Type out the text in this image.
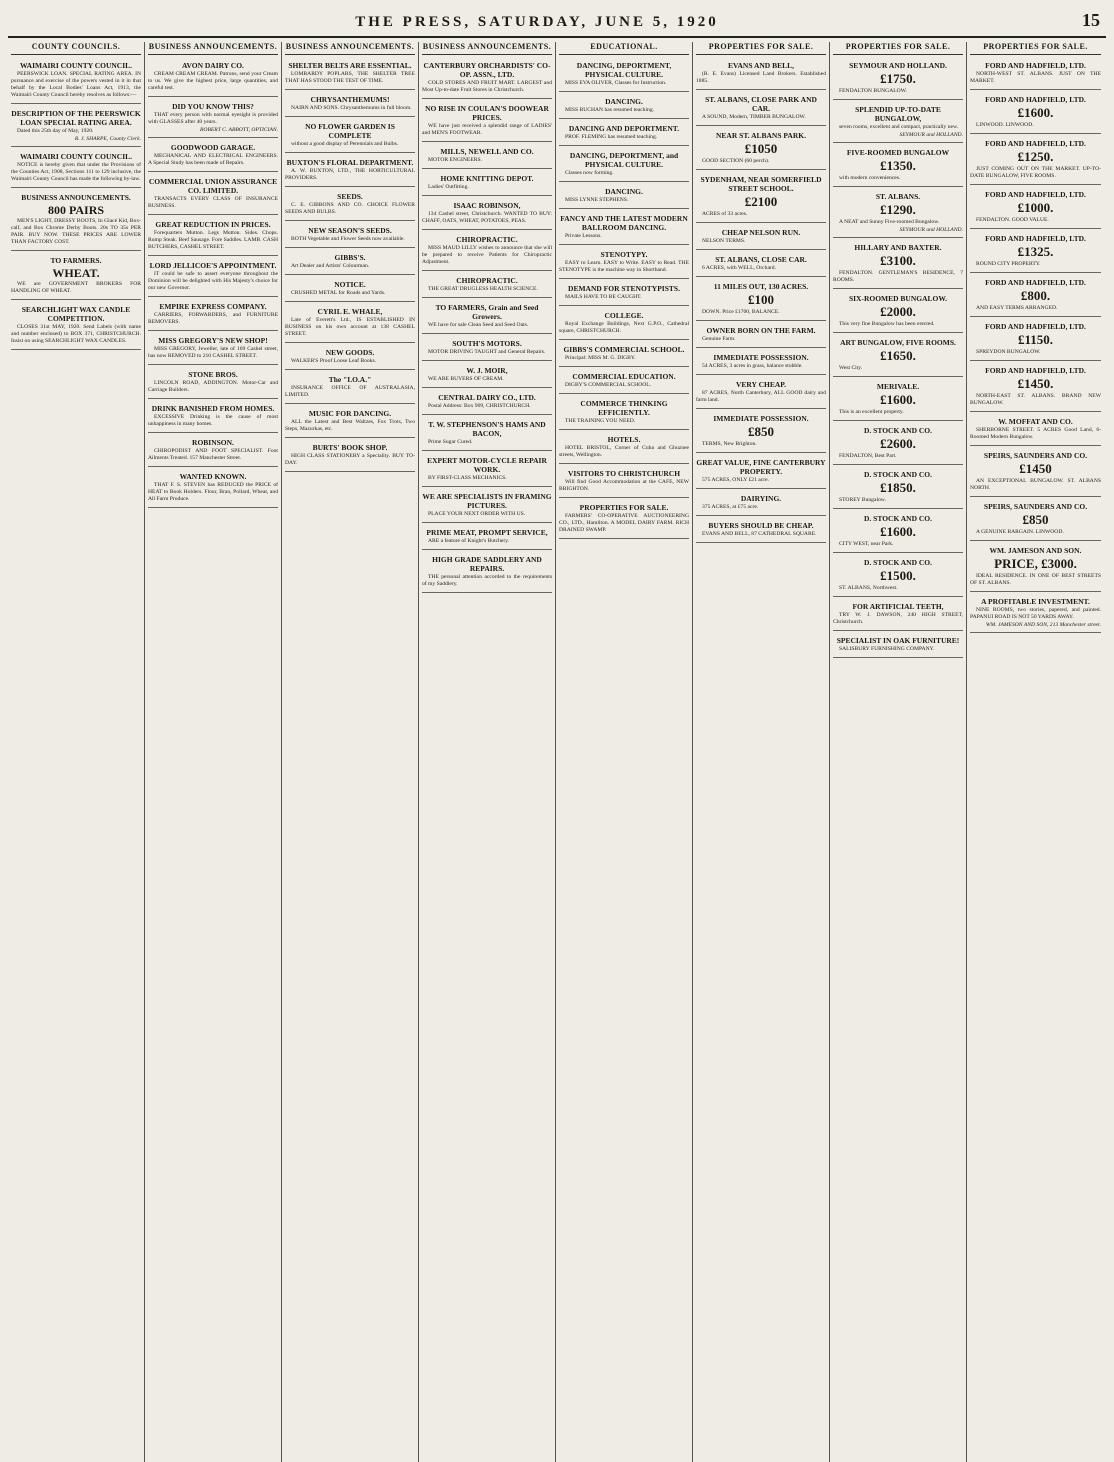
THE PRESS, SATURDAY, JUNE 5, 1920	15
COUNTY COUNCILS.
WAIMAIRI COUNTY COUNCIL.

PEERSWICK LOAN. SPECIAL RATING AREA. IN pursuance and exercise of the powers vested in it in that behalf by the Local Bodies' Loans Act, 1913, the Waimairi County Council hereby resolves as follows:—

DESCRIPTION OF THE PEERSWICK LOAN SPECIAL RATING AREA.

Dated this 25th day of May, 1920.

R. J. SHARPE, County Clerk.
WAIMAIRI COUNTY COUNCIL.

NOTICE is hereby given that under the Provisions of the Counties Act, 1908, Sections 111 to 129 inclusive, the Waimairi County Council has made the following by-law.

BUSINESS ANNOUNCEMENTS.
800 PAIRS

MEN'S LIGHT, DRESSY BOOTS, In Glacé Kid, Box-calf, and Box Chrome Derby Boots. 20s TO 35s PER PAIR. BUY NOW. THESE PRICES ARE LOWER THAN FACTORY COST.

TO FARMERS.
WHEAT.

WE are GOVERNMENT BROKERS FOR HANDLING OF WHEAT.

SEARCHLIGHT WAX CANDLE COMPETITION.

CLOSES 31st MAY, 1920. Send Labels (with name and number enclosed) to BOX 371, CHRISTCHURCH. Insist on using SEARCHLIGHT WAX CANDLES.

BUSINESS ANNOUNCEMENTS.
AVON DAIRY CO.

CREAM CREAM CREAM. Patrons, send your Cream to us. We give the highest price, large quantities, and careful test.

DID YOU KNOW THIS?

THAT every person with normal eyesight is provided with GLASSES after 40 years.

ROBERT C. ABBOTT, OPTICIAN.
GOODWOOD GARAGE.

MECHANICAL AND ELECTRICAL ENGINEERS. A Special Study has been made of Repairs.

COMMERCIAL UNION ASSURANCE CO. LIMITED.

TRANSACTS EVERY CLASS OF INSURANCE BUSINESS.

GREAT REDUCTION IN PRICES.

Forequarters Mutton. Legs Mutton. Sides. Chops. Rump Steak. Beef Sausage. Fore Saddles. LAMB. CASH BUTCHERS, CASHEL STREET.

LORD JELLICOE'S APPOINTMENT.

IT could be safe to assert everyone throughout the Dominion will be delighted with His Majesty's choice for our new Governor.

EMPIRE EXPRESS COMPANY.

CARRIERS, FORWARDERS, and FURNITURE REMOVERS.

MISS GREGORY'S NEW SHOP!

MISS GREGORY, Jeweller, late of 169 Cashel street, has now REMOVED to 210 CASHEL STREET.

STONE BROS.

LINCOLN ROAD, ADDINGTON. Motor-Car and Carriage Builders.

DRINK BANISHED FROM HOMES.

EXCESSIVE Drinking is the cause of most unhappiness in many homes.

ROBINSON.

CHIROPODIST AND FOOT SPECIALIST. Foot Ailments Treated. 157 Manchester Street.

WANTED KNOWN.

THAT F. S. STEVEN has REDUCED the PRICE of HEAT to Book Holders. Flour, Bran, Pollard, Wheat, and All Farm Produce.

BUSINESS ANNOUNCEMENTS.
SHELTER BELTS ARE ESSENTIAL.

LOMBARDY POPLARS, THE SHELTER TREE THAT HAS STOOD THE TEST OF TIME.

CHRYSANTHEMUMS!

NAIRN AND SONS. Chrysanthemums in full bloom.

NO FLOWER GARDEN IS COMPLETE

without a good display of Perennials and Bulbs.

BUXTON'S FLORAL DEPARTMENT.

A. W. BUXTON, LTD., THE HORTICULTURAL PROVIDERS.

SEEDS.

C. E. GIBBONS AND CO. CHOICE FLOWER SEEDS AND BULBS.

NEW SEASON'S SEEDS.

BOTH Vegetable and Flower Seeds now available.

GIBBS'S.

Art Dealer and Artists' Colourman.

NOTICE.

CRUSHED METAL for Roads and Yards.

CYRIL E. WHALE,

Late of Everett's Ltd., IS ESTABLISHED IN BUSINESS on his own account at 138 CASHEL STREET.

NEW GOODS.

WALKER'S Proof Loose Leaf Books.

The "I.O.A."

INSURANCE OFFICE OF AUSTRALASIA, LIMITED.

MUSIC FOR DANCING.

ALL the Latest and Best Waltzes, Fox Trots, Two Steps, Mazurkas, etc.

BURTS' BOOK SHOP.

HIGH CLASS STATIONERY a Speciality. BUY TO-DAY.

BUSINESS ANNOUNCEMENTS.
CANTERBURY ORCHARDISTS' CO-OP. ASSN., LTD.

COLD STORES AND FRUIT MART. LARGEST and Most Up-to-date Fruit Stores in Christchurch.

NO RISE IN COULAN'S DOOWEAR PRICES.

WE have just received a splendid range of LADIES' and MEN'S FOOTWEAR.

MILLS, NEWELL AND CO.

MOTOR ENGINEERS.

HOME KNITTING DEPOT.

Ladies' Outfitting.

ISAAC ROBINSON,

134 Cashel street, Christchurch. WANTED TO BUY: CHAFF, OATS, WHEAT, POTATOES, PEAS.

CHIROPRACTIC.

MISS MAUD LILLY wishes to announce that she will be prepared to receive Patients for Chiropractic Adjustment.

CHIROPRACTIC.

THE GREAT DRUGLESS HEALTH SCIENCE.

TO FARMERS, Grain and Seed Growers.

WE have for sale Clean Seed and Seed Oats.

SOUTH'S MOTORS.

MOTOR DRIVING TAUGHT and General Repairs.

W. J. MOIR,

WE ARE BUYERS OF CREAM.

CENTRAL DAIRY CO., LTD.

Postal Address: Box 909, CHRISTCHURCH.

T. W. STEPHENSON'S HAMS AND BACON,

Prime Sugar Cured.

EXPERT MOTOR-CYCLE REPAIR WORK.

BY FIRST-CLASS MECHANICS.

WE ARE SPECIALISTS IN FRAMING PICTURES.

PLACE YOUR NEXT ORDER WITH US.

PRIME MEAT, PROMPT SERVICE,

ARE a feature of Knight's Butchery.

HIGH GRADE SADDLERY AND REPAIRS.

THE personal attention accorded to the requirements of my Saddlery.

EDUCATIONAL.
DANCING, DEPORTMENT, PHYSICAL CULTURE.

MISS EVA OLIVER, Classes for Instruction.

DANCING.

MISS BUCHAN has resumed teaching.

DANCING AND DEPORTMENT.

PROF. FLEMING has resumed teaching.

DANCING, DEPORTMENT, and PHYSICAL CULTURE.

Classes now forming.

DANCING.

MISS LYNNE STEPHENS.

FANCY AND THE LATEST MODERN BALLROOM DANCING.

Private Lessons.

STENOTYPY.

EASY to Learn. EASY to Write. EASY to Read. THE STENOTYPE is the machine way in Shorthand.

DEMAND FOR STENOTYPISTS.

MAILS HAVE TO BE CAUGHT.

COLLEGE.

Royal Exchange Buildings, Next G.P.O., Cathedral square, CHRISTCHURCH.

GIBBS'S COMMERCIAL SCHOOL.

Principal: MISS M. G. DIGBY.

COMMERCIAL EDUCATION.

DIGBY'S COMMERCIAL SCHOOL.

COMMERCE THINKING EFFICIENTLY.

THE TRAINING YOU NEED.

HOTELS.

HOTEL BRISTOL, Corner of Cuba and Ghuznee streets, Wellington.

VISITORS TO CHRISTCHURCH

Will find Good Accommodation at the CAFE, NEW BRIGHTON.

PROPERTIES FOR SALE.

FARMERS' CO-OPERATIVE AUCTIONEERING CO., LTD., Hamilton. A MODEL DAIRY FARM. RICH DRAINED SWAMP.

PROPERTIES FOR SALE.
EVANS AND BELL,

(R. E. Evans) Licensed Land Brokers. Established 1885.

ST. ALBANS, CLOSE PARK AND CAR.

A SOUND, Modern, TIMBER BUNGALOW.

NEAR ST. ALBANS PARK.
£1050

GOOD SECTION (60 perch).

SYDENHAM, NEAR SOMERFIELD STREET SCHOOL.
£2100

ACRES of 33 acres.

CHEAP NELSON RUN.

NELSON TERMS.

ST. ALBANS, CLOSE CAR.

6 ACRES, with WELL, Orchard.

11 MILES OUT, 130 ACRES.
£100

DOWN. Price £1700, BALANCE.

OWNER BORN ON THE FARM.

Genuine Farm.

IMMEDIATE POSSESSION.

54 ACRES, 3 acres in grass, balance stubble.

VERY CHEAP.

87 ACRES, North Canterbury, ALL GOOD dairy and farm land.

IMMEDIATE POSSESSION.
£850

TERMS, New Brighton.

GREAT VALUE, FINE CANTERBURY PROPERTY.

575 ACRES, ONLY £21 acre.

DAIRYING.

375 ACRES, at £75 acre.

BUYERS SHOULD BE CHEAP.

EVANS AND BELL, 87 CATHEDRAL SQUARE.

PROPERTIES FOR SALE.
SEYMOUR AND HOLLAND.
£1750.

FENDALTON BUNGALOW.

SPLENDID UP-TO-DATE BUNGALOW,

seven rooms, excellent and compact, practically new.

SEYMOUR and HOLLAND.
FIVE-ROOMED BUNGALOW
£1350.

with modern conveniences.

ST. ALBANS.
£1290.

A NEAT and Sunny Five-roomed Bungalow.

SEYMOUR and HOLLAND.
HILLARY AND BAXTER.
£3100.

FENDALTON. GENTLEMAN'S RESIDENCE, 7 ROOMS.

SIX-ROOMED BUNGALOW.
£2000.

This very fine Bungalow has been erected.

ART BUNGALOW, FIVE ROOMS.
£1650.

West City.

MERIVALE.
£1600.

This is an excellent property.

D. STOCK AND CO.
£2600.

FENDALTON, Best Part.

D. STOCK AND CO.
£1850.

STOREY Bungalow.

D. STOCK AND CO.
£1600.

CITY WEST, near Park.

D. STOCK AND CO.
£1500.

ST. ALBANS, Northwest.

FOR ARTIFICIAL TEETH,

TRY W. J. DAWSON, 240 HIGH STREET, Christchurch.

SPECIALIST IN OAK FURNITURE!

SALISBURY FURNISHING COMPANY.

PROPERTIES FOR SALE.
FORD AND HADFIELD, LTD.

NORTH-WEST ST. ALBANS. JUST ON THE MARKET.

FORD AND HADFIELD, LTD.
£1600.

LINWOOD. LINWOOD.

FORD AND HADFIELD, LTD.
£1250.

JUST COMING OUT ON THE MARKET. UP-TO-DATE BUNGALOW, FIVE ROOMS.

FORD AND HADFIELD, LTD.
£1000.

FENDALTON. GOOD VALUE.

FORD AND HADFIELD, LTD.
£1325.

ROUND CITY PROPERTY.

FORD AND HADFIELD, LTD.
£800.

AND EASY TERMS ARRANGED.

FORD AND HADFIELD, LTD.
£1150.

SPREYDON BUNGALOW.

FORD AND HADFIELD, LTD.
£1450.

NORTH-EAST ST. ALBANS. BRAND NEW BUNGALOW.

W. MOFFAT AND CO.

SHERBORNE STREET. 5 ACRES Good Land, 6-Roomed Modern Bungalow.

SPEIRS, SAUNDERS AND CO.
£1450

AN EXCEPTIONAL BUNGALOW. ST. ALBANS NORTH.

SPEIRS, SAUNDERS AND CO.
£850

A GENUINE BARGAIN. LINWOOD.

WM. JAMESON AND SON.
PRICE, £3000.

IDEAL RESIDENCE. IN ONE OF BEST STREETS OF ST. ALBANS.

A PROFITABLE INVESTMENT.

NINE ROOMS, two stories, papered, and painted. PAPANUI ROAD IS NOT 50 YARDS AWAY.

WM. JAMESON AND SON, 213 Manchester street.
